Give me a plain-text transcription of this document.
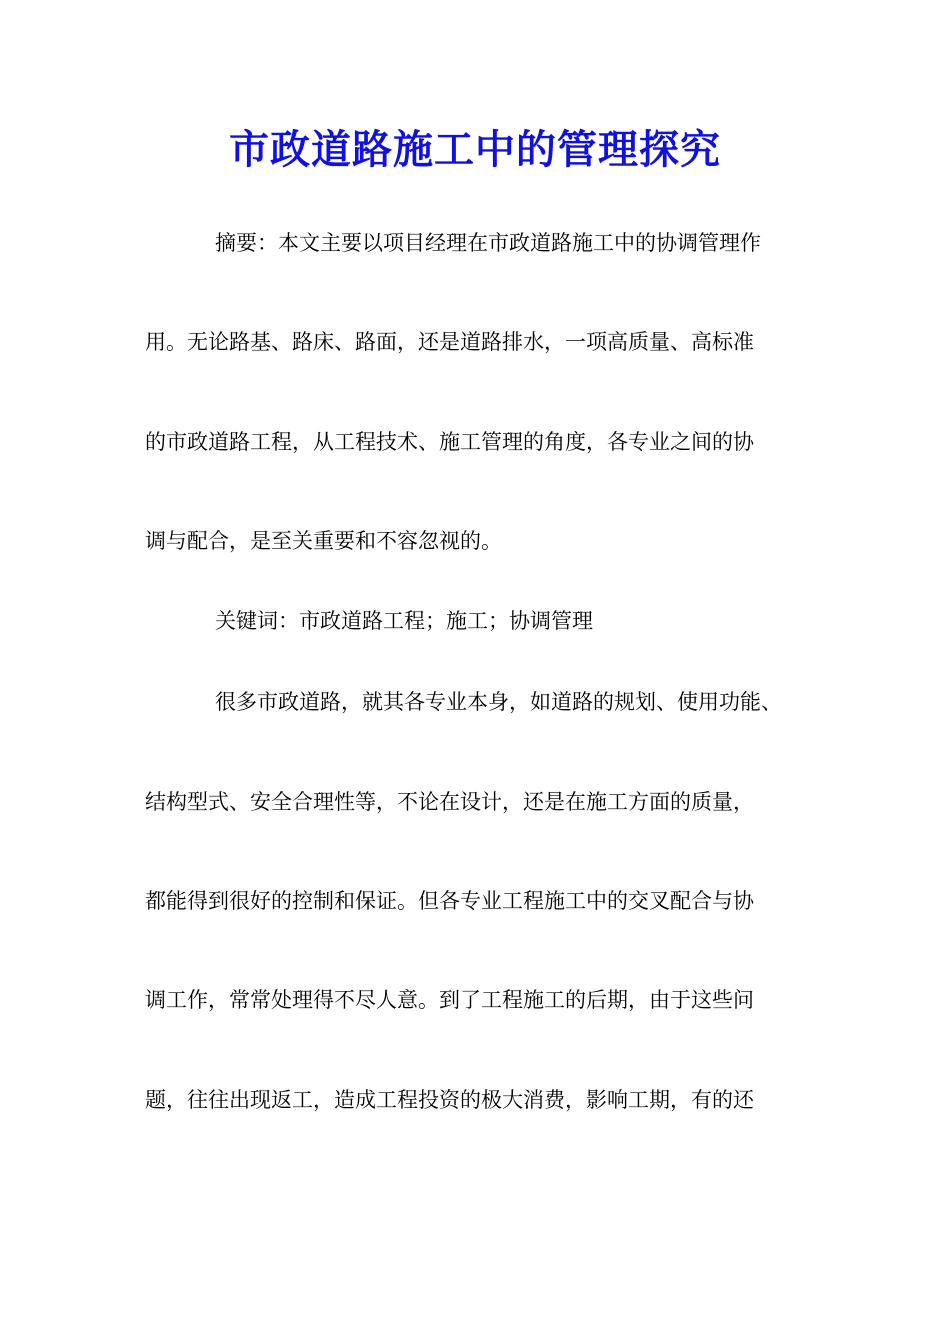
市政道路施工中的管理探究

摘要：本文主要以项目经理在市政道路施工中的协调管理作

用。无论路基、路床、路面，还是道路排水，一项高质量、高标准

的市政道路工程，从工程技术、施工管理的角度，各专业之间的协

调与配合，是至关重要和不容忽视的。

关键词：市政道路工程；施工；协调管理

很多市政道路，就其各专业本身，如道路的规划、使用功能、

结构型式、安全合理性等，不论在设计，还是在施工方面的质量，

都能得到很好的控制和保证。但各专业工程施工中的交叉配合与协

调工作，常常处理得不尽人意。到了工程施工的后期，由于这些问

题，往往出现返工，造成工程投资的极大消费，影响工期，有的还
